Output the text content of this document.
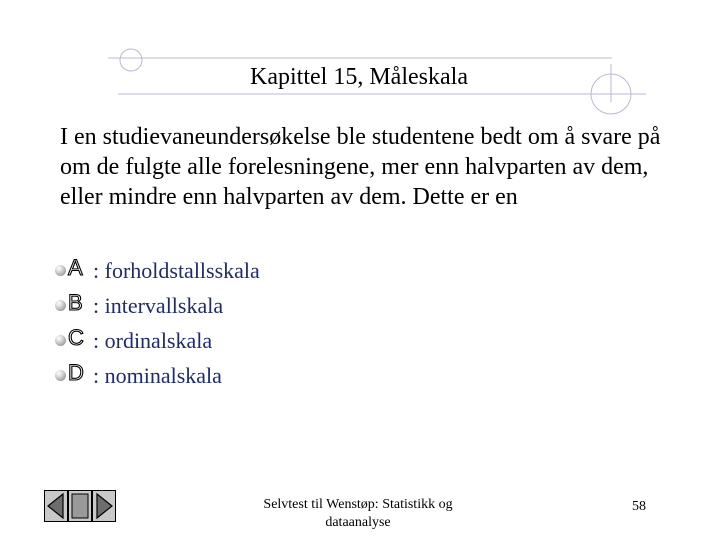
Kapittel 15, Måleskala
I en studievaneundersøkelse ble studentene bedt om å svare på om de fulgte alle forelesningene, mer enn halvparten av dem, eller mindre enn halvparten av dem. Dette er en
A : forholdstallsskala
B : intervallskala
C : ordinalskala
D : nominalskala
Selvtest til Wenstøp: Statistikk og dataanalyse
58
